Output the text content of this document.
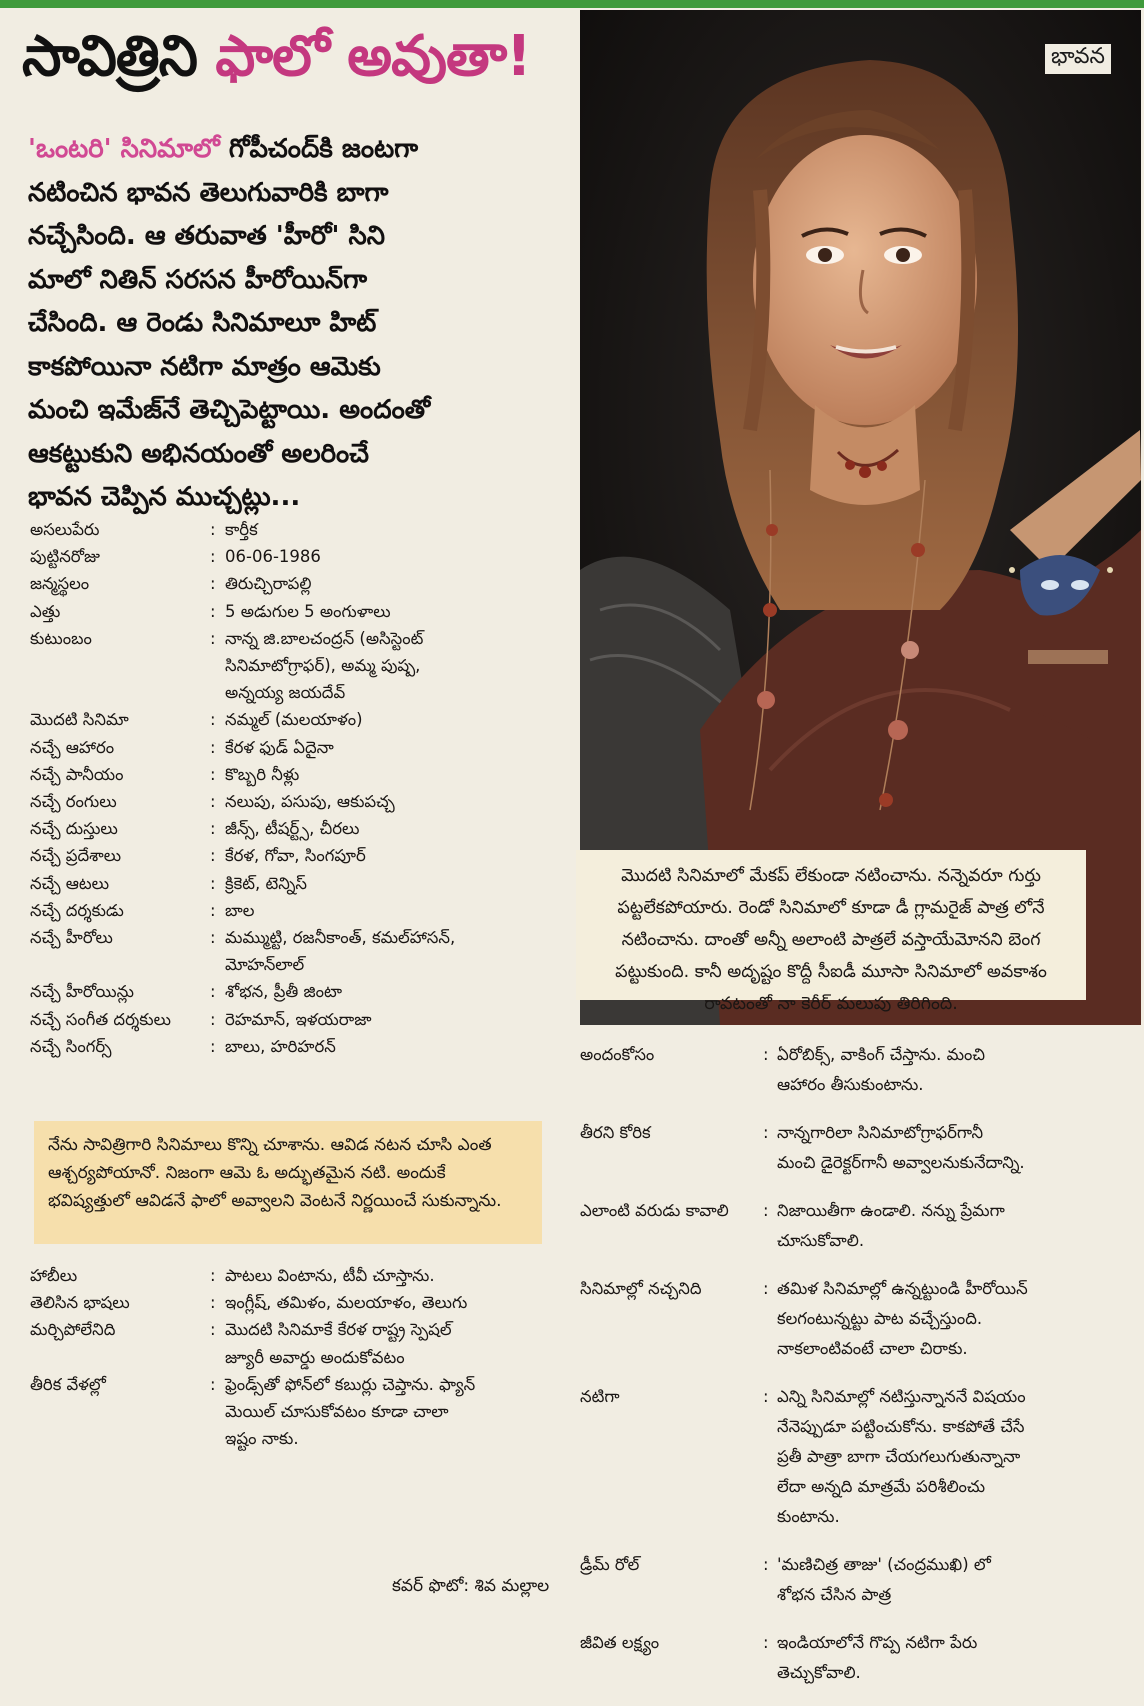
సావిత్రిని ఫాలో అవుతా!
'ఒంటరి' సినిమాలో గోపీచంద్‌కి జంటగా
నటించిన భావన తెలుగువారికి బాగా
నచ్చేసింది. ఆ తరువాత 'హీరో' సిని
మాలో నితిన్ సరసన హీరోయిన్‌గా
చేసింది. ఆ రెండు సినిమాలూ హిట్
కాకపోయినా నటిగా మాత్రం ఆమెకు
మంచి ఇమేజ్‌నే తెచ్చిపెట్టాయి. అందంతో
ఆకట్టుకుని అభినయంతో అలరించే
భావన చెప్పిన ముచ్చట్లు...
భావన
మొదటి సినిమాలో మేకప్ లేకుండా నటించాను. నన్నెవరూ గుర్తు పట్టలేకపోయారు. రెండో సినిమాలో కూడా డీ గ్లామరైజ్ పాత్ర లోనే నటించాను. దాంతో అన్నీ అలాంటి పాత్రలే వస్తాయేమోనని బెంగ పట్టుకుంది. కానీ అదృష్టం కొద్దీ సీఐడీ మూసా సినిమాలో అవకాశం రావటంతో నా కెరీర్ మలుపు తిరిగింది.
అసలుపేరు	: కార్తీక
పుట్టినరోజు	: 06-06-1986
జన్మస్థలం	: తిరుచ్చిరాపల్లి
ఎత్తు	: 5 అడుగుల 5 అంగుళాలు
కుటుంబం	: నాన్న జి.బాలచంద్రన్ (అసిస్టెంట్
సినిమాటోగ్రాఫర్), అమ్మ పుష్ప,
అన్నయ్య జయదేవ్
మొదటి సినిమా	: నమ్మల్ (మలయాళం)
నచ్చే ఆహారం	: కేరళ ఫుడ్ ఏదైనా
నచ్చే పానీయం	: కొబ్బరి నీళ్లు
నచ్చే రంగులు	: నలుపు, పసుపు, ఆకుపచ్చ
నచ్చే దుస్తులు	: జీన్స్, టీషర్ట్స్, చీరలు
నచ్చే ప్రదేశాలు	: కేరళ, గోవా, సింగపూర్
నచ్చే ఆటలు	: క్రికెట్, టెన్నిస్
నచ్చే దర్శకుడు	: బాల
నచ్చే హీరోలు	: మమ్ముట్టి, రజనీకాంత్, కమల్‌హాసన్,
మోహన్‌లాల్
నచ్చే హీరోయిన్లు	: శోభన, ప్రీతీ జింటా
నచ్చే సంగీత దర్శకులు	: రెహమాన్, ఇళయరాజా
నచ్చే సింగర్స్	: బాలు, హరిహరన్
నేను సావిత్రిగారి సినిమాలు కొన్ని చూశాను. ఆవిడ నటన చూసి ఎంత ఆశ్చర్యపోయానో. నిజంగా ఆమె ఓ అద్భుతమైన నటి. అందుకే భవిష్యత్తులో ఆవిడనే ఫాలో అవ్వాలని వెంటనే నిర్ణయించే సుకున్నాను.
హాబీలు	: పాటలు వింటాను, టీవీ చూస్తాను.
తెలిసిన భాషలు	: ఇంగ్లీష్, తమిళం, మలయాళం, తెలుగు
మర్చిపోలేనిది	: మొదటి సినిమాకే కేరళ రాష్ట్ర స్పెషల్
జ్యూరీ అవార్డు అందుకోవటం
తీరిక వేళల్లో	: ఫ్రెండ్స్‌తో ఫోన్‌లో కబుర్లు చెప్తాను. ఫ్యాన్
మెయిల్ చూసుకోవటం కూడా చాలా
ఇష్టం నాకు.
అందంకోసం	: ఏరోబిక్స్, వాకింగ్ చేస్తాను. మంచి
ఆహారం తీసుకుంటాను.
తీరని కోరిక	: నాన్నగారిలా సినిమాటోగ్రాఫర్‌గానీ
మంచి డైరెక్టర్‌గానీ అవ్వాలనుకునేదాన్ని.
ఎలాంటి వరుడు కావాలి	: నిజాయితీగా ఉండాలి. నన్ను ప్రేమగా
చూసుకోవాలి.
సినిమాల్లో నచ్చనిది	: తమిళ సినిమాల్లో ఉన్నట్టుండి హీరోయిన్
కలగంటున్నట్టు పాట వచ్చేస్తుంది.
నాకలాంటివంటే చాలా చిరాకు.
నటిగా	: ఎన్ని సినిమాల్లో నటిస్తున్నాననే విషయం
నేనెప్పుడూ పట్టించుకోను. కాకపోతే చేసే
ప్రతీ పాత్రా బాగా చేయగలుగుతున్నానా
లేదా అన్నది మాత్రమే పరిశీలించు
కుంటాను.
డ్రీమ్ రోల్	: 'మణిచిత్ర తాజు' (చంద్రముఖి) లో
శోభన చేసిన పాత్ర
జీవిత లక్ష్యం	: ఇండియాలోనే గొప్ప నటిగా పేరు
తెచ్చుకోవాలి.
కవర్ ఫొటో: శివ మల్లాల
